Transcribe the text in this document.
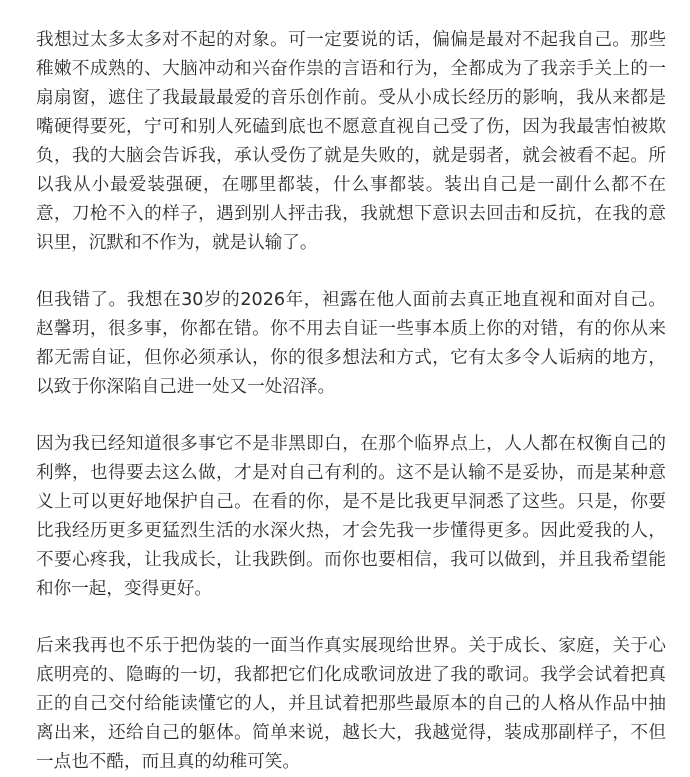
我想过太多太多对不起的对象。可一定要说的话，偏偏是最对不起我自己。那些稚嫩不成熟的、大脑冲动和兴奋作祟的言语和行为，全都成为了我亲手关上的一扇扇窗，遮住了我最最最爱的音乐创作前。受从小成长经历的影响，我从来都是嘴硬得要死，宁可和别人死磕到底也不愿意直视自己受了伤，因为我最害怕被欺负，我的大脑会告诉我，承认受伤了就是失败的，就是弱者，就会被看不起。所以我从小最爱装强硬，在哪里都装，什么事都装。装出自己是一副什么都不在意，刀枪不入的样子，遇到别人抨击我，我就想下意识去回击和反抗，在我的意识里，沉默和不作为，就是认输了。

但我错了。我想在30岁的2026年，袒露在他人面前去真正地直视和面对自己。赵馨玥，很多事，你都在错。你不用去自证一些事本质上你的对错，有的你从来都无需自证，但你必须承认，你的很多想法和方式，它有太多令人诟病的地方，以致于你深陷自己进一处又一处沼泽。

因为我已经知道很多事它不是非黑即白，在那个临界点上，人人都在权衡自己的利弊，也得要去这么做，才是对自己有利的。这不是认输不是妥协，而是某种意义上可以更好地保护自己。在看的你，是不是比我更早洞悉了这些。只是，你要比我经历更多更猛烈生活的水深火热，才会先我一步懂得更多。因此爱我的人，不要心疼我，让我成长，让我跌倒。而你也要相信，我可以做到，并且我希望能和你一起，变得更好。

后来我再也不乐于把伪装的一面当作真实展现给世界。关于成长、家庭，关于心底明亮的、隐晦的一切，我都把它们化成歌词放进了我的歌词。我学会试着把真正的自己交付给能读懂它的人，并且试着把那些最原本的自己的人格从作品中抽离出来，还给自己的躯体。简单来说，越长大，我越觉得，装成那副样子，不但一点也不酷，而且真的幼稚可笑。
